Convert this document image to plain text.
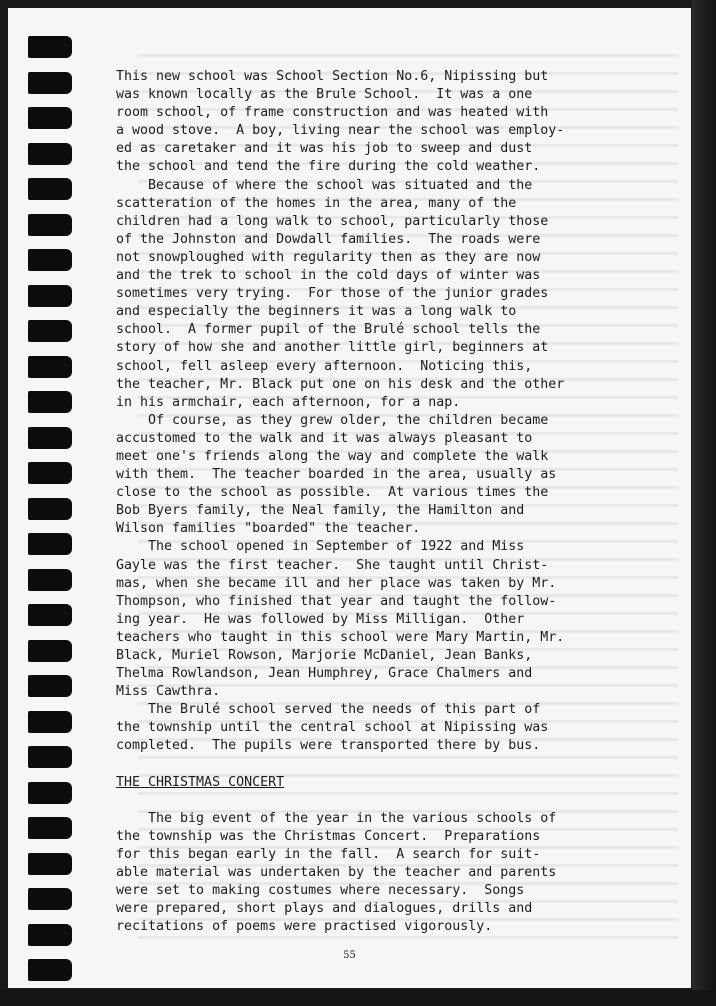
This new school was School Section No.6, Nipissing but

was known locally as the Brule School.  It was a one

room school, of frame construction and was heated with

a wood stove.  A boy, living near the school was employ-

ed as caretaker and it was his job to sweep and dust

the school and tend the fire during the cold weather.

Because of where the school was situated and the

scatteration of the homes in the area, many of the

children had a long walk to school, particularly those

of the Johnston and Dowdall families.  The roads were

not snowploughed with regularity then as they are now

and the trek to school in the cold days of winter was

sometimes very trying.  For those of the junior grades

and especially the beginners it was a long walk to

school.  A former pupil of the Brulé school tells the

story of how she and another little girl, beginners at

school, fell asleep every afternoon.  Noticing this,

the teacher, Mr. Black put one on his desk and the other

in his armchair, each afternoon, for a nap.

Of course, as they grew older, the children became

accustomed to the walk and it was always pleasant to

meet one's friends along the way and complete the walk

with them.  The teacher boarded in the area, usually as

close to the school as possible.  At various times the

Bob Byers family, the Neal family, the Hamilton and

Wilson families "boarded" the teacher.

The school opened in September of 1922 and Miss

Gayle was the first teacher.  She taught until Christ-

mas, when she became ill and her place was taken by Mr.

Thompson, who finished that year and taught the follow-

ing year.  He was followed by Miss Milligan.  Other

teachers who taught in this school were Mary Martin, Mr.

Black, Muriel Rowson, Marjorie McDaniel, Jean Banks,

Thelma Rowlandson, Jean Humphrey, Grace Chalmers and

Miss Cawthra.

The Brulé school served the needs of this part of

the township until the central school at Nipissing was

completed.  The pupils were transported there by bus.

THE CHRISTMAS CONCERT

The big event of the year in the various schools of

the township was the Christmas Concert.  Preparations

for this began early in the fall.  A search for suit-

able material was undertaken by the teacher and parents

were set to making costumes where necessary.  Songs

were prepared, short plays and dialogues, drills and

recitations of poems were practised vigorously.

55
